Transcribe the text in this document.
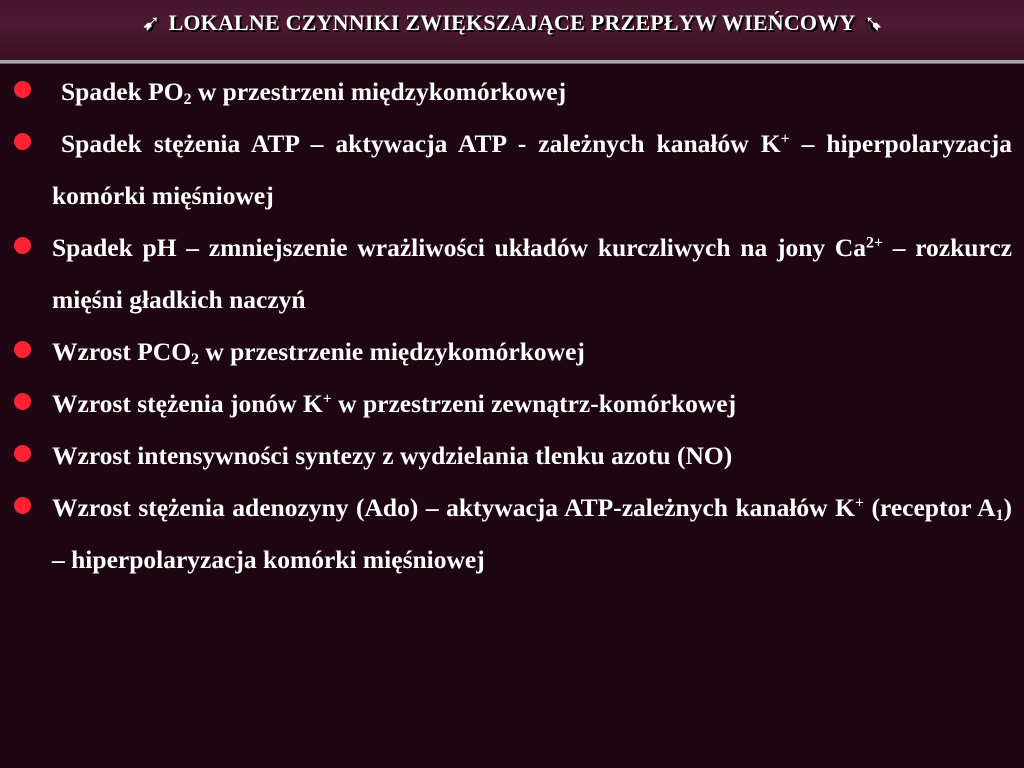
➹ LOKALNE CZYNNIKI ZWIĘKSZAJĄCE PRZEPŁYW WIEŃCOWY ➹
Spadek $PO_2$ w przestrzeni międzykomórkowej
Spadek stężenia ATP – aktywacja ATP - zależnych kanałów K+ – hiperpolaryzacja komórki mięśniowej
Spadek pH – zmniejszenie wrażliwości układów kurczliwych na jony $Ca^{2+}$ – rozkurcz mięśni gładkich naczyń
Wzrost $PCO_2$ w przestrzenie międzykomórkowej
Wzrost stężenia jonów K+ w przestrzeni zewnątrz-komórkowej
Wzrost intensywności syntezy z wydzielania tlenku azotu (NO)
Wzrost stężenia adenozyny (Ado) – aktywacja ATP-zależnych kanałów K+ (receptor $A_1$) – hiperpolaryzacja komórki mięśniowej
